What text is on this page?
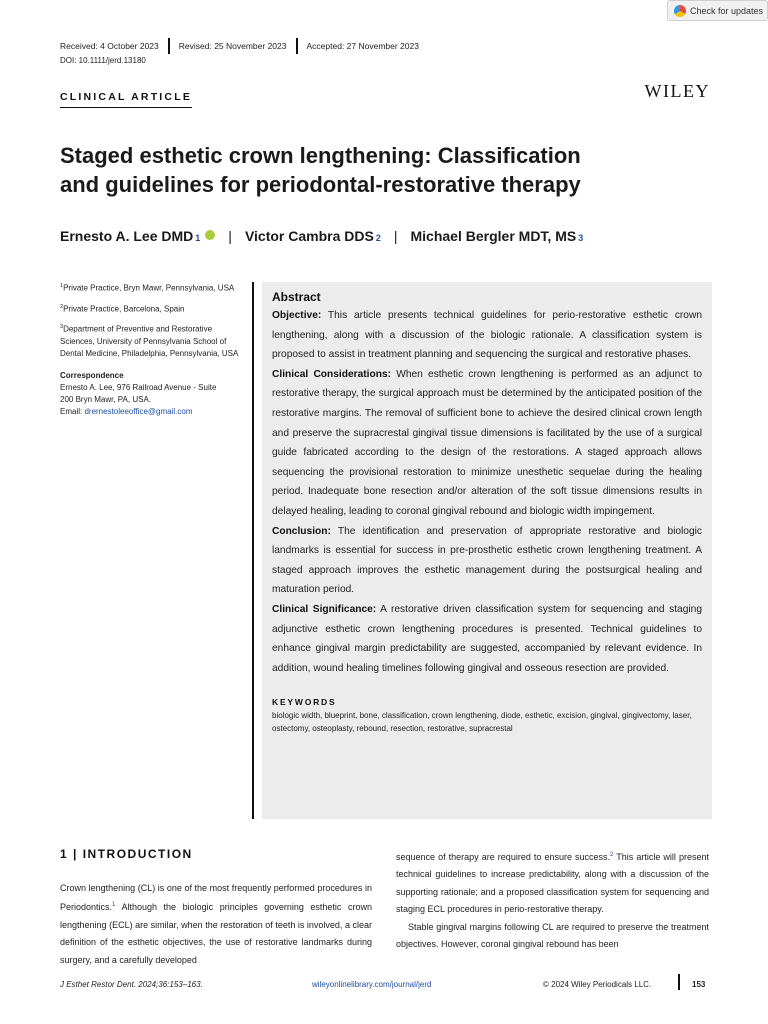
Check for updates
Received: 4 October 2023 Revised: 25 November 2023 Accepted: 27 November 2023
DOI: 10.1111/jerd.13180
CLINICAL ARTICLE	WILEY
Staged esthetic crown lengthening: Classification
and guidelines for periodontal-restorative therapy
Ernesto A. Lee DMD 1 | Victor Cambra DDS 2 | Michael Bergler MDT, MS 3

$^1$Private Practice, Bryn Mawr, Pennsylvania, USA

$^2$Private Practice, Barcelona, Spain

$^3$Department of Preventive and Restorative Sciences, University of Pennsylvania School of Dental Medicine, Philadelphia, Pennsylvania, USA

Correspondence

Ernesto A. Lee, 976 Railroad Avenue - Suite
200 Bryn Mawr, PA, USA.
Email: drernestoleeoffice@gmail.com

Abstract

Objective: This article presents technical guidelines for perio-restorative esthetic crown lengthening, along with a discussion of the biologic rationale. A classification system is proposed to assist in treatment planning and sequencing the surgical and restorative phases.

Clinical Considerations: When esthetic crown lengthening is performed as an adjunct to restorative therapy, the surgical approach must be determined by the anticipated position of the restorative margins. The removal of sufficient bone to achieve the desired clinical crown length and preserve the supracrestal gingival tissue dimensions is facilitated by the use of a surgical guide fabricated according to the design of the restorations. A staged approach allows sequencing the provisional restoration to minimize unesthetic sequelae during the healing period. Inadequate bone resection and/or alteration of the soft tissue dimensions results in delayed healing, leading to coronal gingival rebound and biologic width impingement.

Conclusion: The identification and preservation of appropriate restorative and biologic landmarks is essential for success in pre-prosthetic esthetic crown lengthening treatment. A staged approach improves the esthetic management during the postsurgical healing and maturation period.

Clinical Significance: A restorative driven classification system for sequencing and staging adjunctive esthetic crown lengthening procedures is presented. Technical guidelines to enhance gingival margin predictability are suggested, accompanied by relevant evidence. In addition, wound healing timelines following gingival and osseous resection are provided.

KEYWORDS
biologic width, blueprint, bone, classification, crown lengthening, diode, esthetic, excision, gingival, gingivectomy, laser, ostectomy, osteoplasty, rebound, resection, restorative, supracrestal
1 | INTRODUCTION
Crown lengthening (CL) is one of the most frequently performed procedures in Periodontics.$^1$ Although the biologic principles governing esthetic crown lengthening (ECL) are similar, when the restoration of teeth is involved, a clear definition of the esthetic objectives, the use of restorative landmarks during surgery, and a carefully developed
sequence of therapy are required to ensure success.$^2$ This article will present technical guidelines to increase predictability, along with a discussion of the supporting rationale; and a proposed classification system for sequencing and staging ECL procedures in perio-restorative therapy.
Stable gingival margins following CL are required to preserve the treatment objectives. However, coronal gingival rebound has been
J Esthet Restor Dent. 2024;36:153–163.	wileyonlinelibrary.com/journal/jerd	© 2024 Wiley Periodicals LLC.	153
